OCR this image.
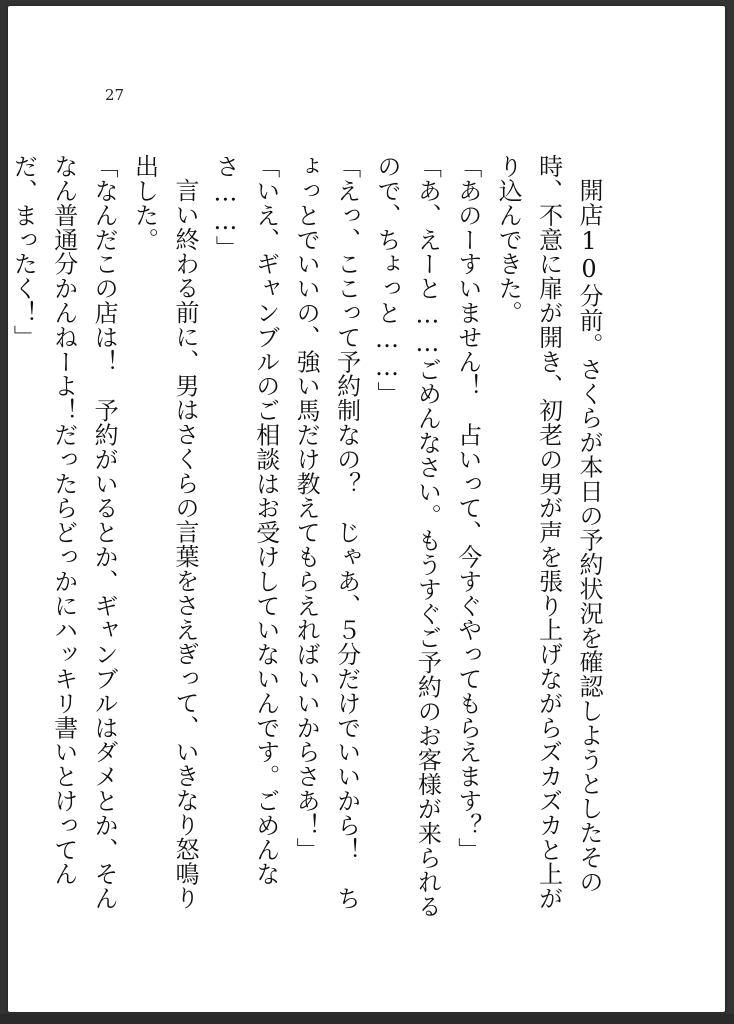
27

開店10分前。さくらが本日の予約状況を確認しようとしたその時、不意に扉が開き、初老の男が声を張り上げながらズカズカと上がり込んできた。

「あのーすいません！　占いって、今すぐやってもらえます？」

「あ、えーと……ごめんなさい。もうすぐご予約のお客様が来られるので、ちょっと……」

「えっ、ここって予約制なの？　じゃあ、５分だけでいいから！　ちょっとでいいの、強い馬だけ教えてもらえればいいからさあ！」

「いえ、ギャンブルのご相談はお受けしていないんです。ごめんなさ……」

言い終わる前に、男はさくらの言葉をさえぎって、いきなり怒鳴り出した。

「なんだこの店は！　予約がいるとか、ギャンブルはダメとか、そんなん普通分かんねーよ！だったらどっかにハッキリ書いとけってんだ、まったく！」
